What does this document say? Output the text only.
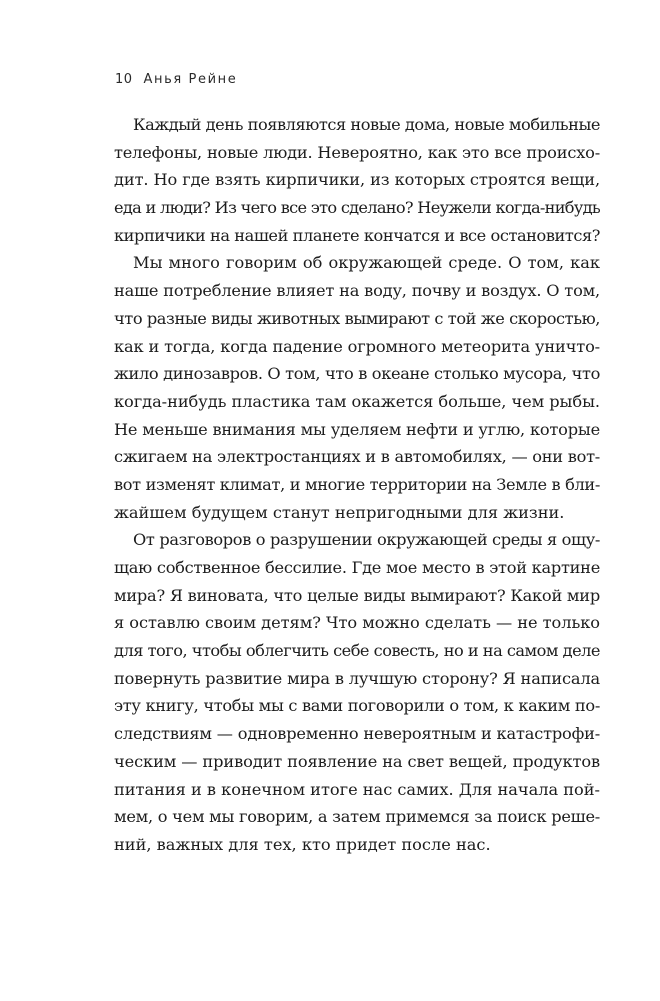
10 Анья Рейне

Каждый день появляются новые дома, новые мобильные
телефоны, новые люди. Невероятно, как это все происхо-
дит. Но где взять кирпичики, из которых строятся вещи,
еда и люди? Из чего все это сделано? Неужели когда-нибудь
кирпичики на нашей планете кончатся и все остановится?

Мы много говорим об окружающей среде. О том, как
наше потребление влияет на воду, почву и воздух. О том,
что разные виды животных вымирают с той же скоростью,
как и тогда, когда падение огромного метеорита уничто-
жило динозавров. О том, что в океане столько мусора, что
когда-нибудь пластика там окажется больше, чем рыбы.
Не меньше внимания мы уделяем нефти и углю, которые
сжигаем на электростанциях и в автомобилях, — они вот-
вот изменят климат, и многие территории на Земле в бли-
жайшем будущем станут непригодными для жизни.

От разговоров о разрушении окружающей среды я ощу-
щаю собственное бессилие. Где мое место в этой картине
мира? Я виновата, что целые виды вымирают? Какой мир
я оставлю своим детям? Что можно сделать — не только
для того, чтобы облегчить себе совесть, но и на самом деле
повернуть развитие мира в лучшую сторону? Я написала
эту книгу, чтобы мы с вами поговорили о том, к каким по-
следствиям — одновременно невероятным и катастрофи-
ческим — приводит появление на свет вещей, продуктов
питания и в конечном итоге нас самих. Для начала пой-
мем, о чем мы говорим, а затем примемся за поиск реше-
ний, важных для тех, кто придет после нас.
